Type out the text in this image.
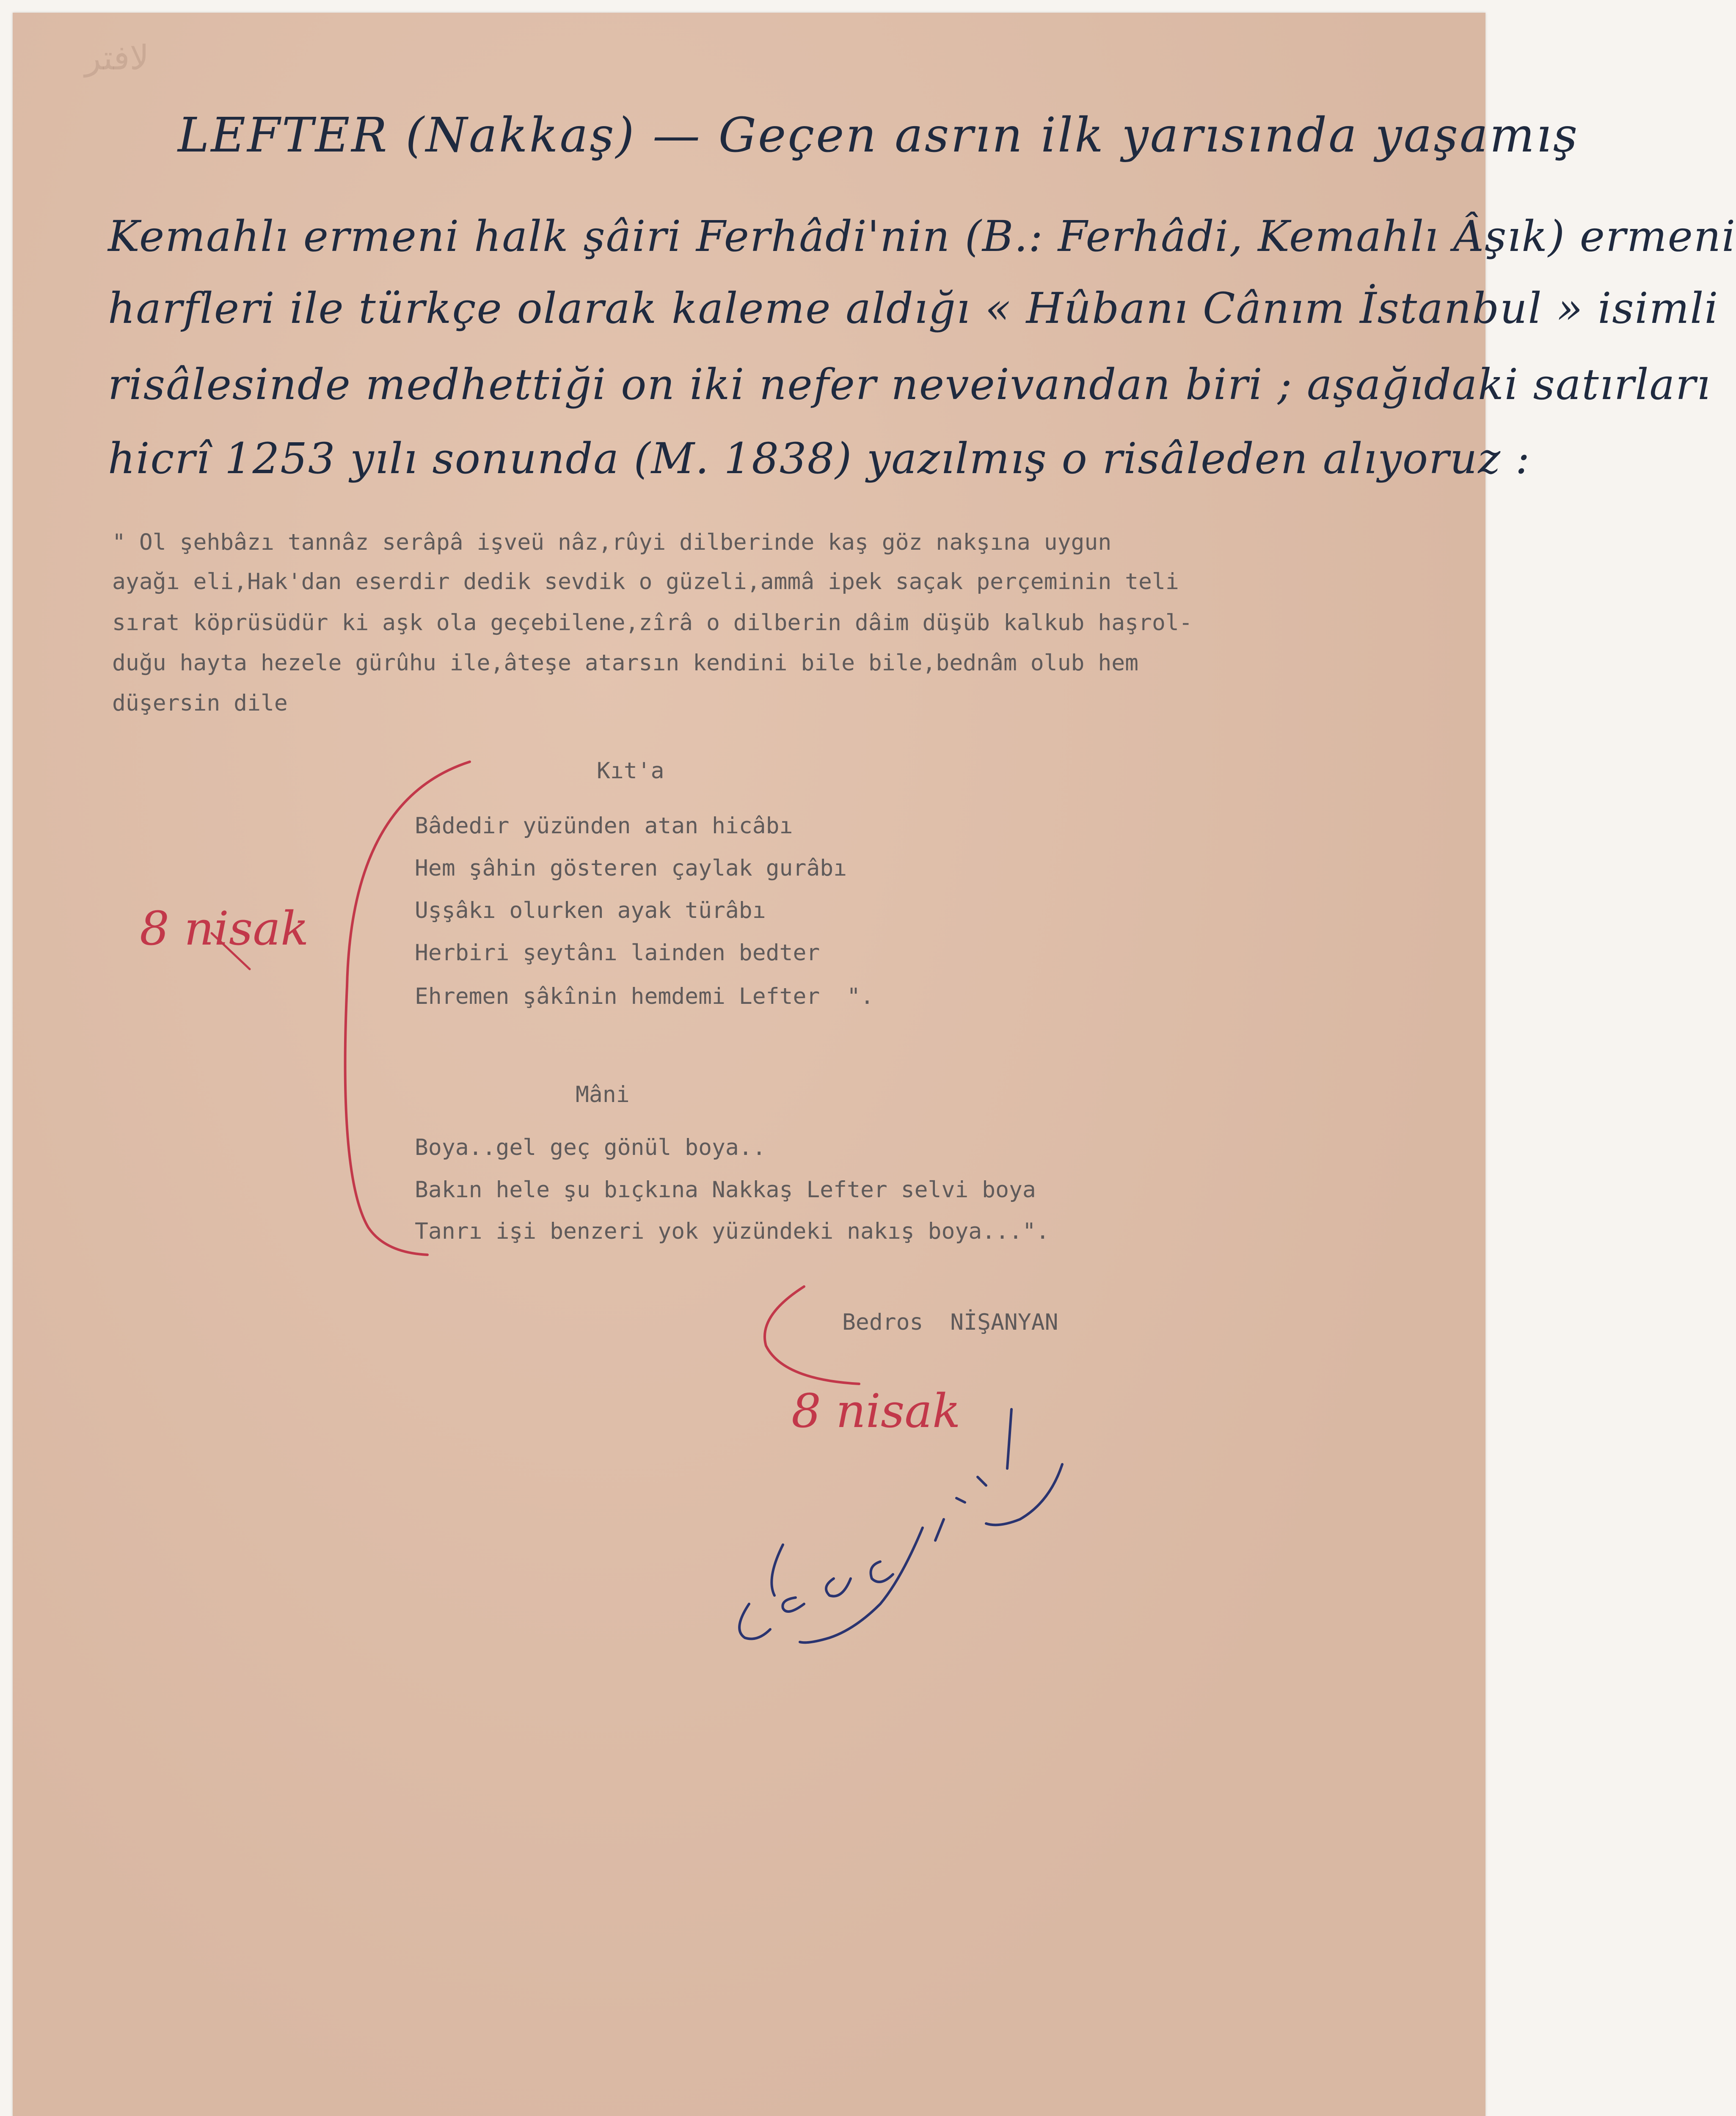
ﻻﻓﺘﺮ
LEFTER (Nakkaş) — Geçen asrın ilk yarısında yaşamış
Kemahlı ermeni halk şâiri Ferhâdi'nin (B.: Ferhâdi, Kemahlı Âşık) ermeni
harfleri ile türkçe olarak kaleme aldığı « Hûbanı Cânım İstanbul » isimli
risâlesinde medhettiği on iki nefer neveivandan biri ; aşağıdaki satırları
hicrî 1253 yılı sonunda (M. 1838) yazılmış o risâleden alıyoruz :
" Ol şehbâzı tannâz serâpâ işveü nâz,rûyi dilberinde kaş göz nakşına uygun
ayağı eli,Hak'dan eserdir dedik sevdik o güzeli,ammâ ipek saçak perçeminin teli
sırat köprüsüdür ki aşk ola geçebilene,zîrâ o dilberin dâim düşüb kalkub haşrol-
duğu hayta hezele gürûhu ile,âteşe atarsın kendini bile bile,bednâm olub hem
düşersin dile
Kıt'a
Bâdedir yüzünden atan hicâbı
Hem şâhin gösteren çaylak gurâbı
Uşşâkı olurken ayak türâbı
Herbiri şeytânı lainden bedter
Ehremen şâkînin hemdemi Lefter  ".
Mâni
Boya..gel geç gönül boya..
Bakın hele şu bıçkına Nakkaş Lefter selvi boya
Tanrı işi benzeri yok yüzündeki nakış boya...".
Bedros  NİŞANYAN
8 nisak
8 nisak
